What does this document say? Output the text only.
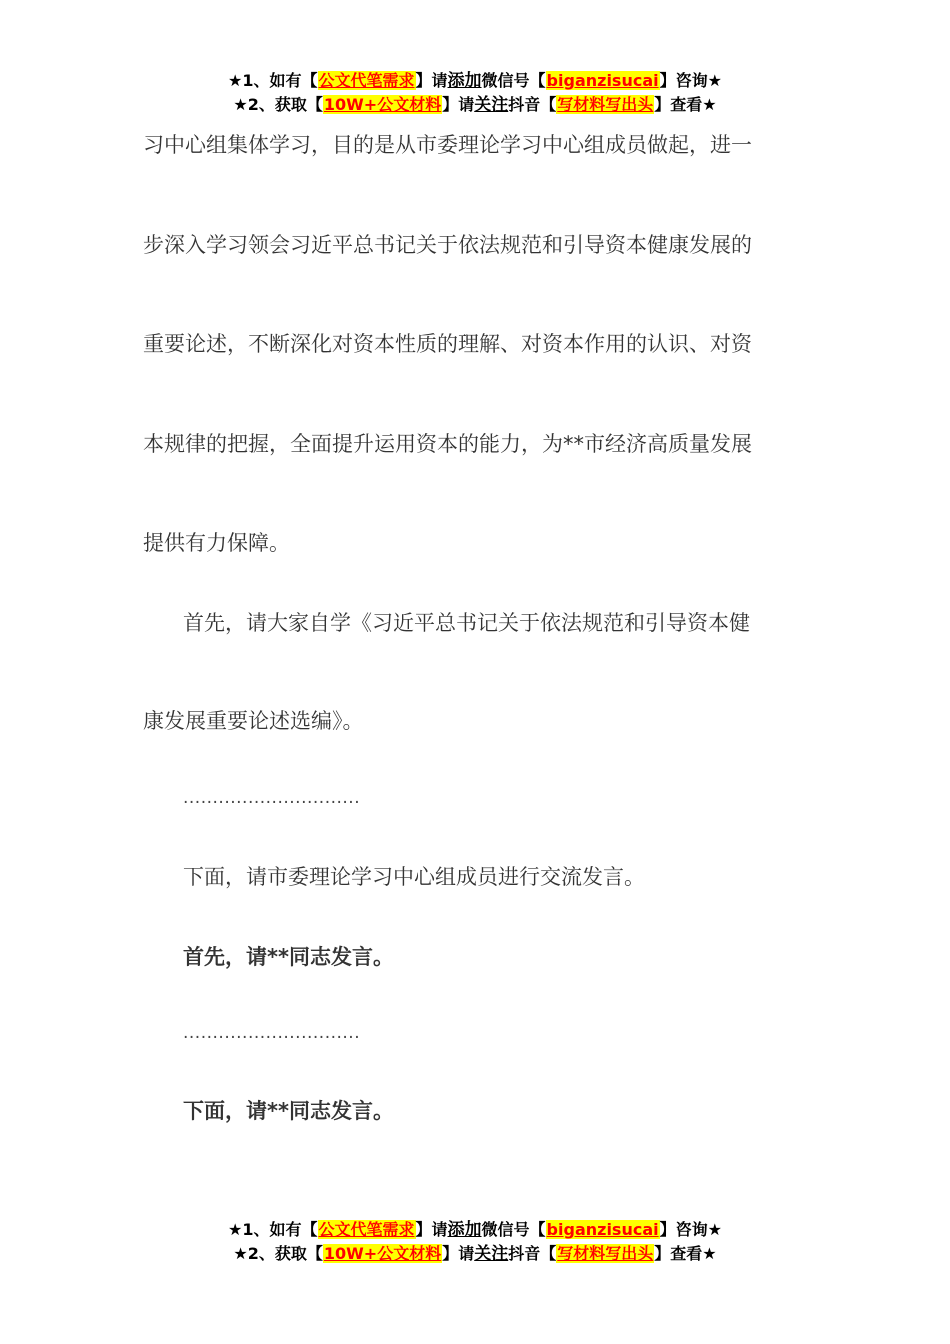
★1、如有【公文代笔需求】请添加微信号【biganzisucai】咨询★
★2、获取【10W+公文材料】请关注抖音【写材料写出头】查看★
习中心组集体学习，目的是从市委理论学习中心组成员做起，进一
步深入学习领会习近平总书记关于依法规范和引导资本健康发展的
重要论述，不断深化对资本性质的理解、对资本作用的认识、对资
本规律的把握，全面提升运用资本的能力，为**市经济高质量发展
提供有力保障。
首先，请大家自学《习近平总书记关于依法规范和引导资本健
康发展重要论述选编》。
..............................
下面，请市委理论学习中心组成员进行交流发言。
首先，请**同志发言。
..............................
下面，请**同志发言。
★1、如有【公文代笔需求】请添加微信号【biganzisucai】咨询★
★2、获取【10W+公文材料】请关注抖音【写材料写出头】查看★
